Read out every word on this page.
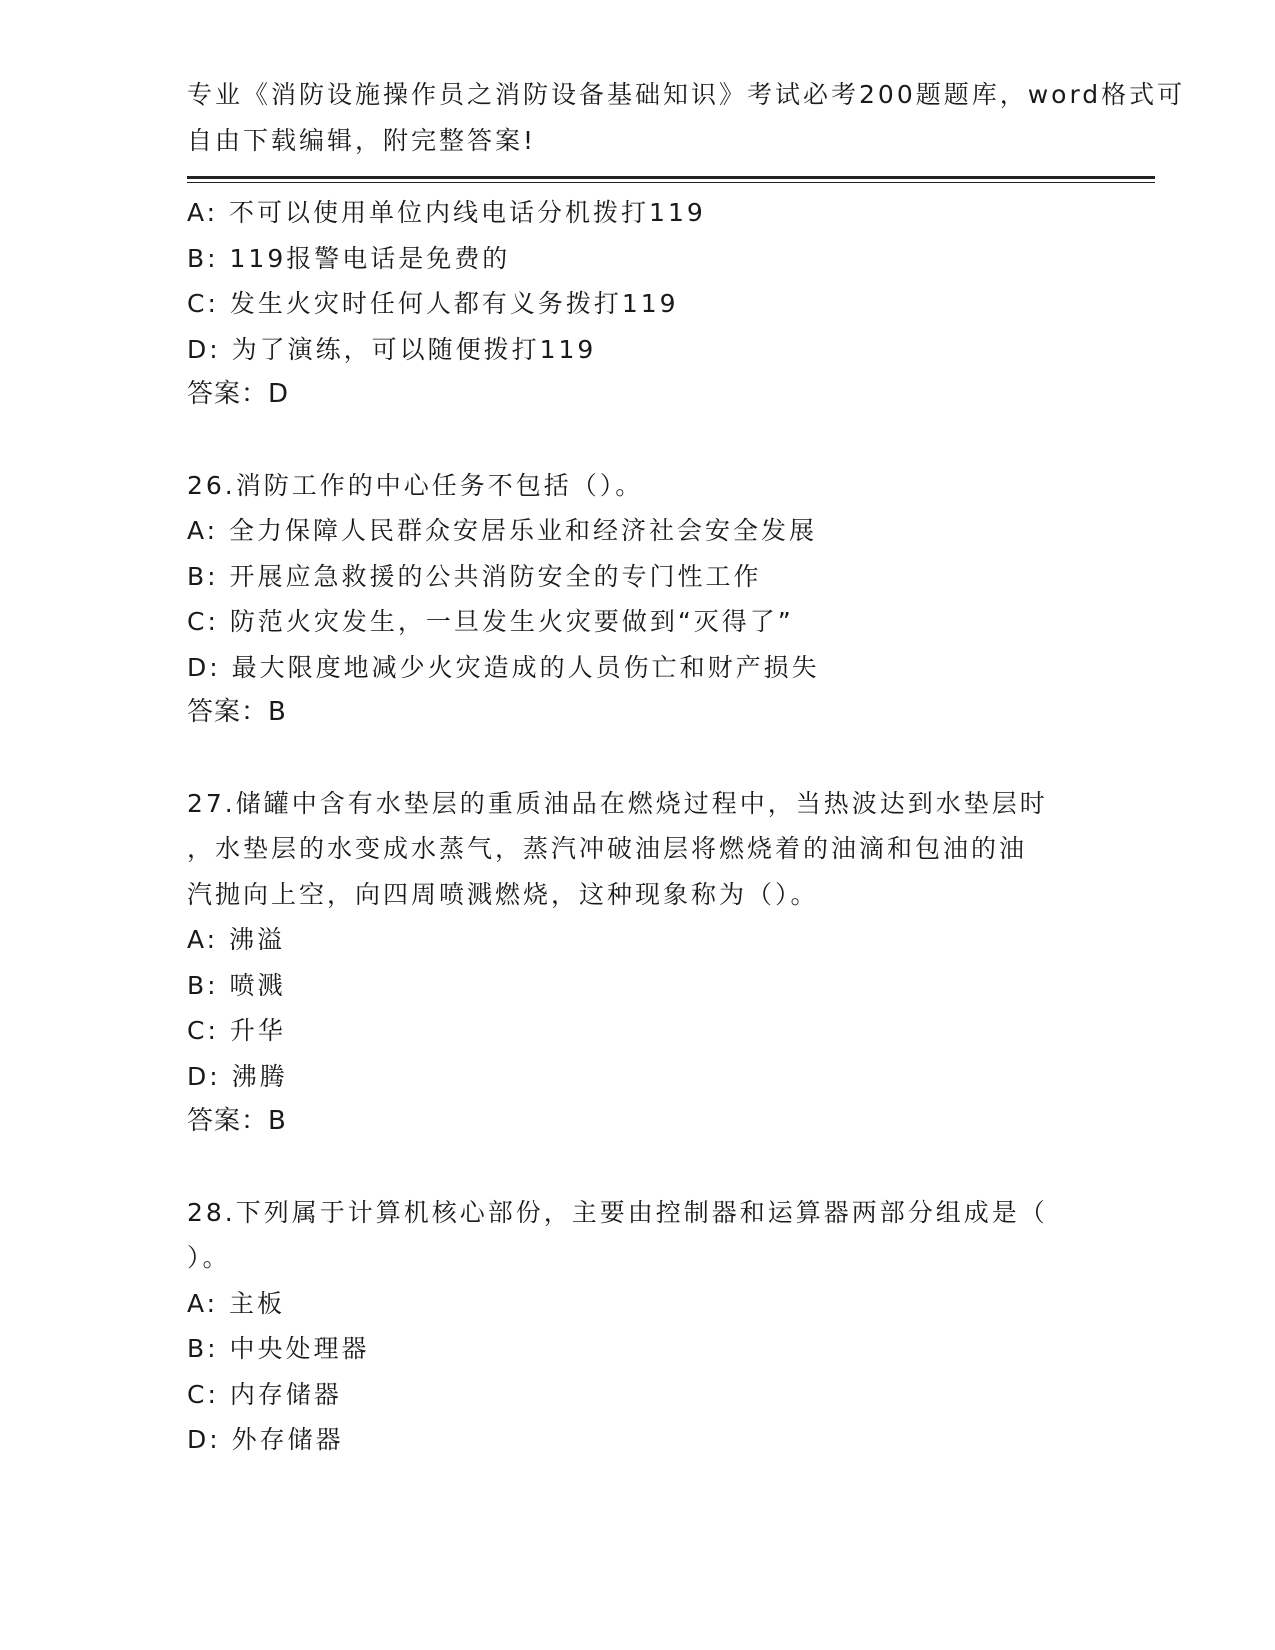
专业《消防设施操作员之消防设备基础知识》考试必考200题题库，word格式可
自由下载编辑，附完整答案!
A: 不可以使用单位内线电话分机拨打119
B: 119报警电话是免费的
C: 发生火灾时任何人都有义务拨打119
D: 为了演练，可以随便拨打119
答案：D
26.消防工作的中心任务不包括（）。
A: 全力保障人民群众安居乐业和经济社会安全发展
B: 开展应急救援的公共消防安全的专门性工作
C: 防范火灾发生，一旦发生火灾要做到“灭得了”
D: 最大限度地减少火灾造成的人员伤亡和财产损失
答案：B
27.储罐中含有水垫层的重质油品在燃烧过程中，当热波达到水垫层时
，水垫层的水变成水蒸气，蒸汽冲破油层将燃烧着的油滴和包油的油
汽抛向上空，向四周喷溅燃烧，这种现象称为（）。
A: 沸溢
B: 喷溅
C: 升华
D: 沸腾
答案：B
28.下列属于计算机核心部份，主要由控制器和运算器两部分组成是（
）。
A: 主板
B: 中央处理器
C: 内存储器
D: 外存储器
